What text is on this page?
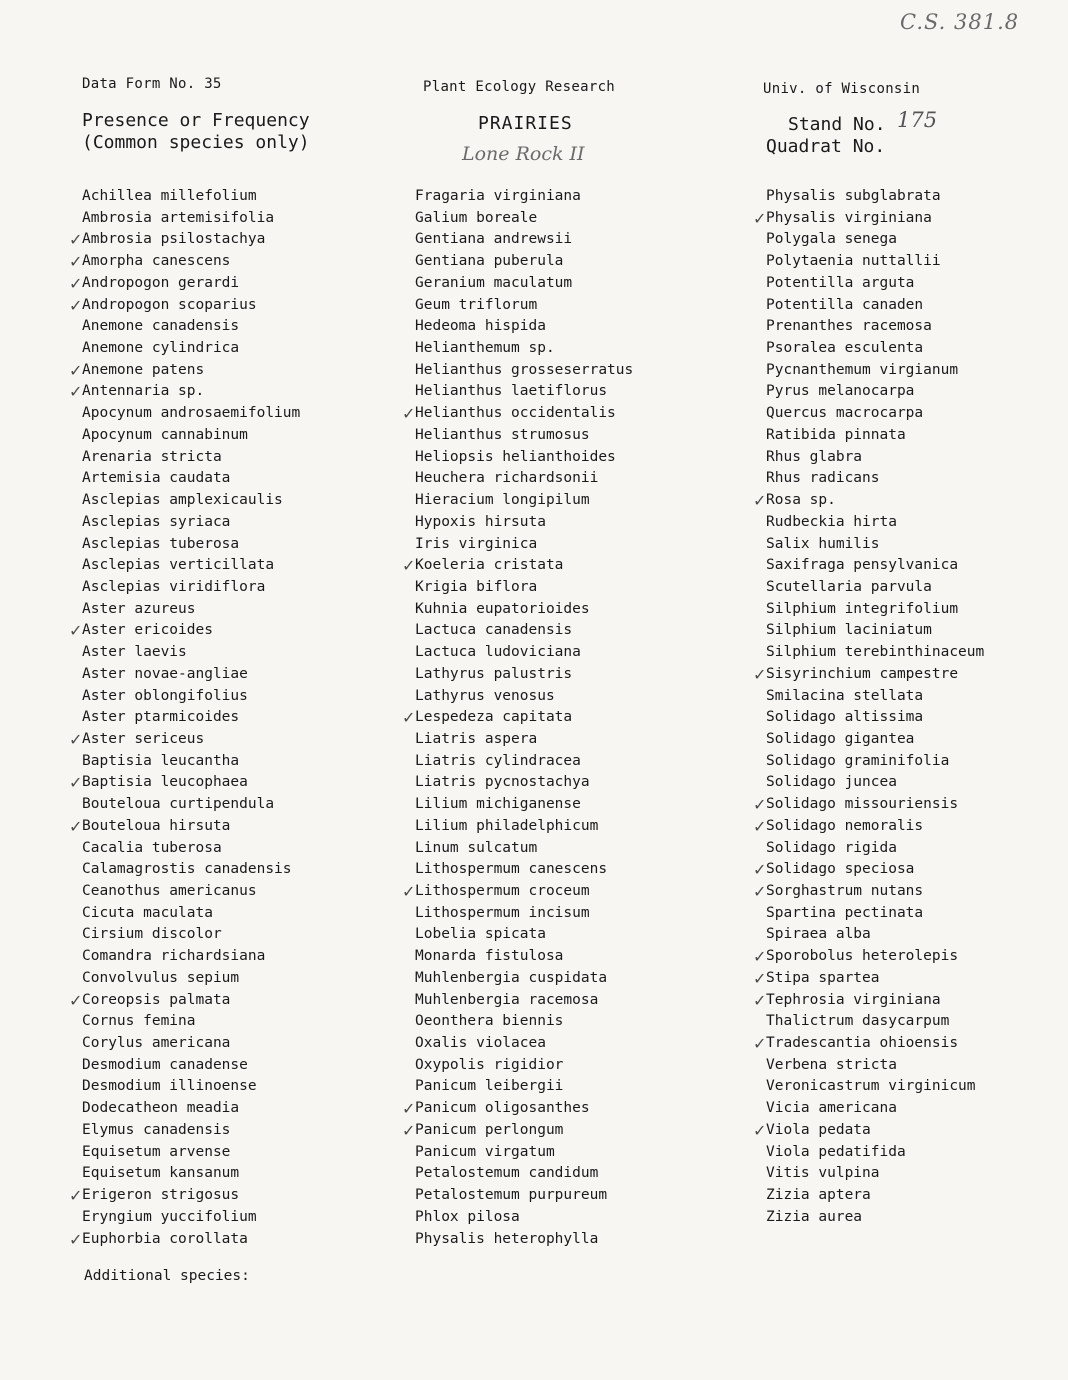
C.S. 381.8
Data Form No. 35	Plant Ecology Research	Univ. of Wisconsin
Presence or Frequency
(Common species only)
PRAIRIES
Lone Rock II
Stand No. 175
Quadrat No.
Achillea millefolium
Ambrosia artemisifolia
✓ Ambrosia psilostachya
✓ Amorpha canescens
✓ Andropogon gerardi
✓ Andropogon scoparius
Anemone canadensis
Anemone cylindrica
✓ Anemone patens
✓ Antennaria sp.
Apocynum androsaemifolium
Apocynum cannabinum
Arenaria stricta
Artemisia caudata
Asclepias amplexicaulis
Asclepias syriaca
Asclepias tuberosa
Asclepias verticillata
Asclepias viridiflora
Aster azureus
✓ Aster ericoides
Aster laevis
Aster novae-angliae
Aster oblongifolius
Aster ptarmicoides
✓ Aster sericeus
Baptisia leucantha
✓ Baptisia leucophaea
Bouteloua curtipendula
✓ Bouteloua hirsuta
Cacalia tuberosa
Calamagrostis canadensis
Ceanothus americanus
Cicuta maculata
Cirsium discolor
Comandra richardsiana
Convolvulus sepium
✓ Coreopsis palmata
Cornus femina
Corylus americana
Desmodium canadense
Desmodium illinoense
Dodecatheon meadia
Elymus canadensis
Equisetum arvense
Equisetum kansanum
✓ Erigeron strigosus
Eryngium yuccifolium
✓ Euphorbia corollata
Fragaria virginiana
Galium boreale
Gentiana andrewsii
Gentiana puberula
Geranium maculatum
Geum triflorum
Hedeoma hispida
Helianthemum sp.
Helianthus grosseserratus
Helianthus laetiflorus
✓ Helianthus occidentalis
Helianthus strumosus
Heliopsis helianthoides
Heuchera richardsonii
Hieracium longipilum
Hypoxis hirsuta
Iris virginica
✓ Koeleria cristata
Krigia biflora
Kuhnia eupatorioides
Lactuca canadensis
Lactuca ludoviciana
Lathyrus palustris
Lathyrus venosus
✓ Lespedeza capitata
Liatris aspera
Liatris cylindracea
Liatris pycnostachya
Lilium michiganense
Lilium philadelphicum
Linum sulcatum
Lithospermum canescens
✓ Lithospermum croceum
Lithospermum incisum
Lobelia spicata
Monarda fistulosa
Muhlenbergia cuspidata
Muhlenbergia racemosa
Oeonthera biennis
Oxalis violacea
Oxypolis rigidior
Panicum leibergii
✓ Panicum oligosanthes
✓ Panicum perlongum
Panicum virgatum
Petalostemum candidum
Petalostemum purpureum
Phlox pilosa
Physalis heterophylla
Physalis subglabrata
✓ Physalis virginiana
Polygala senega
Polytaenia nuttallii
Potentilla arguta
Potentilla canaden
Prenanthes racemosa
Psoralea esculenta
Pycnanthemum virgianum
Pyrus melanocarpa
Quercus macrocarpa
Ratibida pinnata
Rhus glabra
Rhus radicans
✓ Rosa sp.
Rudbeckia hirta
Salix humilis
Saxifraga pensylvanica
Scutellaria parvula
Silphium integrifolium
Silphium laciniatum
Silphium terebinthinaceum
✓ Sisyrinchium campestre
Smilacina stellata
Solidago altissima
Solidago gigantea
Solidago graminifolia
Solidago juncea
✓ Solidago missouriensis
✓ Solidago nemoralis
Solidago rigida
✓ Solidago speciosa
✓ Sorghastrum nutans
Spartina pectinata
Spiraea alba
✓ Sporobolus heterolepis
✓ Stipa spartea
✓ Tephrosia virginiana
Thalictrum dasycarpum
✓ Tradescantia ohioensis
Verbena stricta
Veronicastrum virginicum
Vicia americana
✓ Viola pedata
Viola pedatifida
Vitis vulpina
Zizia aptera
Zizia aurea
Additional species:
